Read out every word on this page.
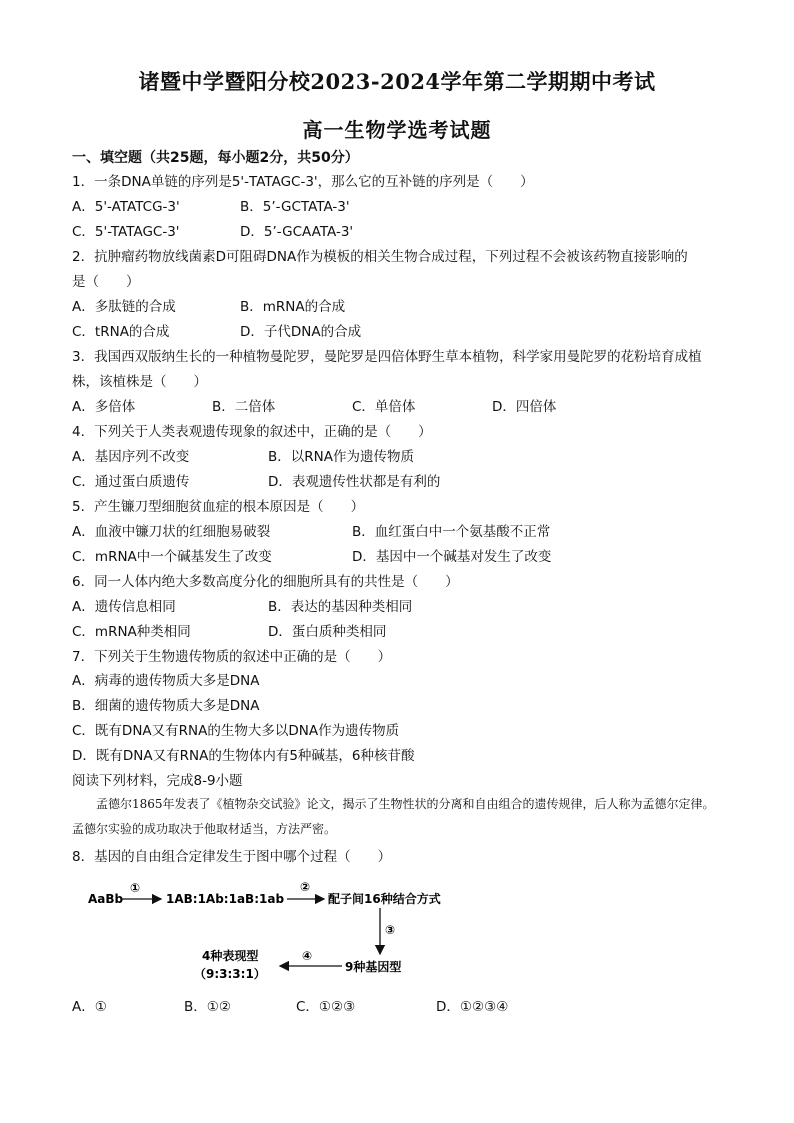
诸暨中学暨阳分校2023-2024学年第二学期期中考试
高一生物学选考试题
一、填空题（共25题，每小题2分，共50分）
1．一条DNA单链的序列是5'-TATAGC-3'，那么它的互补链的序列是（　　）
A．5'-ATATCG-3'	B．5’-GCTATA-3'
C．5'-TATAGC-3'	D．5’-GCAATA-3'
2．抗肿瘤药物放线菌素D可阻碍DNA作为模板的相关生物合成过程，下列过程不会被该药物直接影响的
是（　　）
A．多肽链的合成	B．mRNA的合成
C．tRNA的合成	D．子代DNA的合成
3．我国西双版纳生长的一种植物曼陀罗，曼陀罗是四倍体野生草本植物，科学家用曼陀罗的花粉培育成植
株，该植株是（　　）
A．多倍体	B．二倍体	C．单倍体	D．四倍体
4．下列关于人类表观遗传现象的叙述中，正确的是（　　）
A．基因序列不改变	B．以RNA作为遗传物质
C．通过蛋白质遗传	D．表观遗传性状都是有利的
5．产生镰刀型细胞贫血症的根本原因是（　　）
A．血液中镰刀状的红细胞易破裂	B．血红蛋白中一个氨基酸不正常
C．mRNA中一个碱基发生了改变	D．基因中一个碱基对发生了改变
6．同一人体内绝大多数高度分化的细胞所具有的共性是（　　）
A．遗传信息相同	B．表达的基因种类相同
C．mRNA种类相同	D．蛋白质种类相同
7．下列关于生物遗传物质的叙述中正确的是（　　）
A．病毒的遗传物质大多是DNA
B．细菌的遗传物质大多是DNA
C．既有DNA又有RNA的生物大多以DNA作为遗传物质
D．既有DNA又有RNA的生物体内有5种碱基，6种核苷酸
阅读下列材料，完成8-9小题

孟德尔1865年发表了《植物杂交试验》论文，揭示了生物性状的分离和自由组合的遗传规律，后人称为孟德尔定律。孟德尔实验的成功取决于他取材适当，方法严密。

8．基因的自由组合定律发生于图中哪个过程（　　）
AaBb
①
1AB:1Ab:1aB:1ab
②
配子间16种结合方式
③
9种基因型
④
4种表现型
（9:3:3:1）
A．①	B．①②	C．①②③	D．①②③④
